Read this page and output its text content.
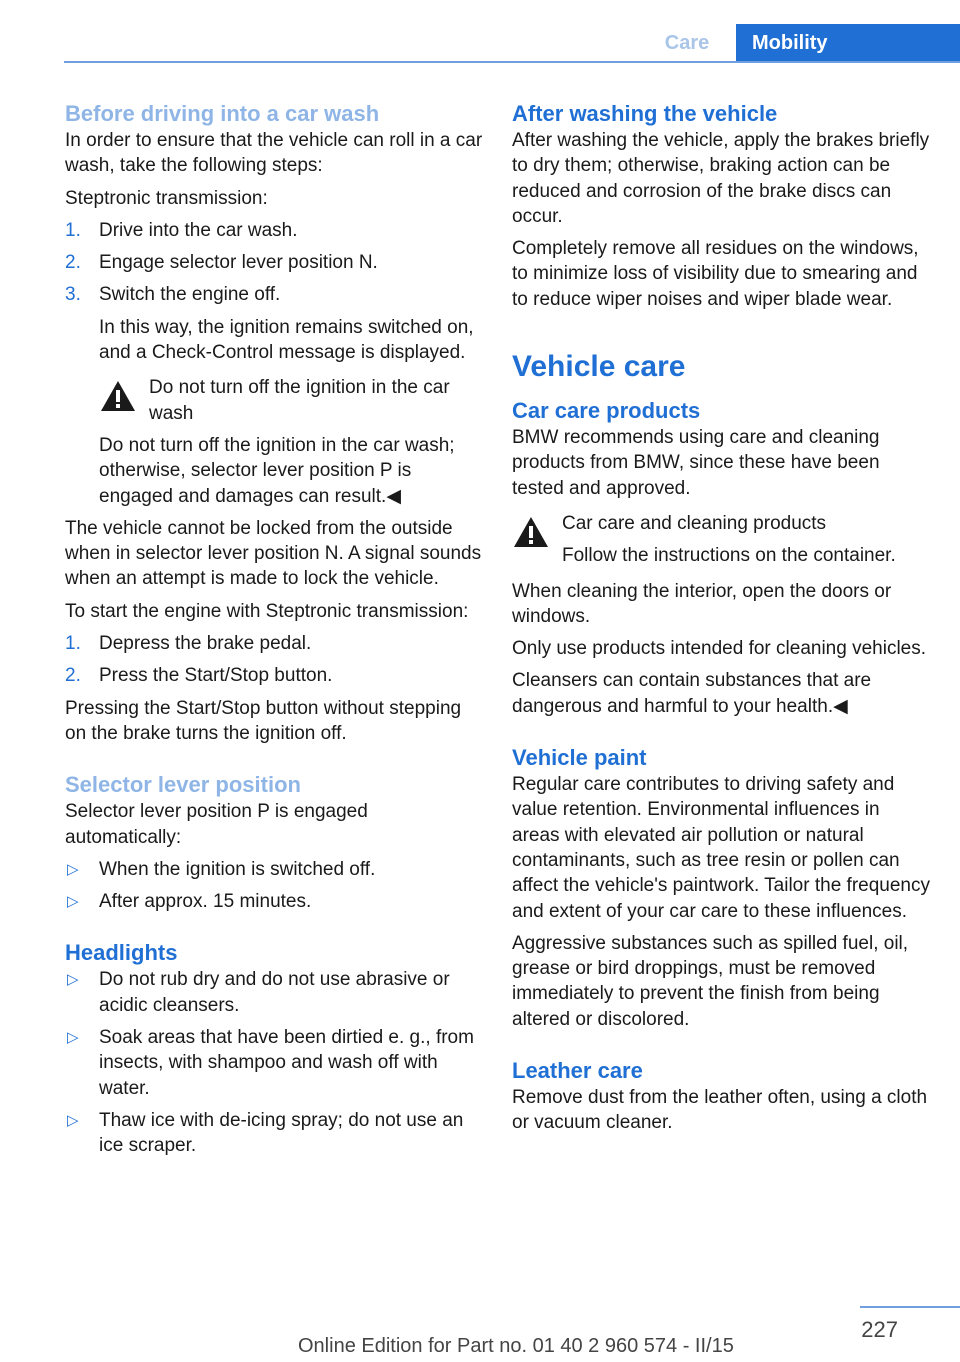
Care	Mobility
Before driving into a car wash

In order to ensure that the vehicle can roll in a car wash, take the following steps:

Steptronic transmission:

1. Drive into the car wash.
2. Engage selector lever position N.
3. Switch the engine off.

In this way, the ignition remains switched on, and a Check-Control message is displayed.

Do not turn off the ignition in the car wash
Do not turn off the ignition in the car wash; otherwise, selector lever position P is engaged and damages can result.◀

The vehicle cannot be locked from the outside when in selector lever position N. A signal sounds when an attempt is made to lock the vehicle.

To start the engine with Steptronic transmission:

1. Depress the brake pedal.
2. Press the Start/Stop button.

Pressing the Start/Stop button without stepping on the brake turns the ignition off.

Selector lever position

Selector lever position P is engaged automatically:

▷ When the ignition is switched off.
▷ After approx. 15 minutes.
Headlights
▷ Do not rub dry and do not use abrasive or acidic cleansers.
▷ Soak areas that have been dirtied e. g., from insects, with shampoo and wash off with water.
▷ Thaw ice with de-icing spray; do not use an ice scraper.
After washing the vehicle

After washing the vehicle, apply the brakes briefly to dry them; otherwise, braking action can be reduced and corrosion of the brake discs can occur.

Completely remove all residues on the windows, to minimize loss of visibility due to smearing and to reduce wiper noises and wiper blade wear.

Vehicle care
Car care products

BMW recommends using care and cleaning products from BMW, since these have been tested and approved.

Car care and cleaning products
Follow the instructions on the container.

When cleaning the interior, open the doors or windows.

Only use products intended for cleaning vehicles.

Cleansers can contain substances that are dangerous and harmful to your health.◀

Vehicle paint

Regular care contributes to driving safety and value retention. Environmental influences in areas with elevated air pollution or natural contaminants, such as tree resin or pollen can affect the vehicle's paintwork. Tailor the frequency and extent of your car care to these influences.

Aggressive substances such as spilled fuel, oil, grease or bird droppings, must be removed immediately to prevent the finish from being altered or discolored.

Leather care

Remove dust from the leather often, using a cloth or vacuum cleaner.

227
Online Edition for Part no. 01 40 2 960 574 - II/15
